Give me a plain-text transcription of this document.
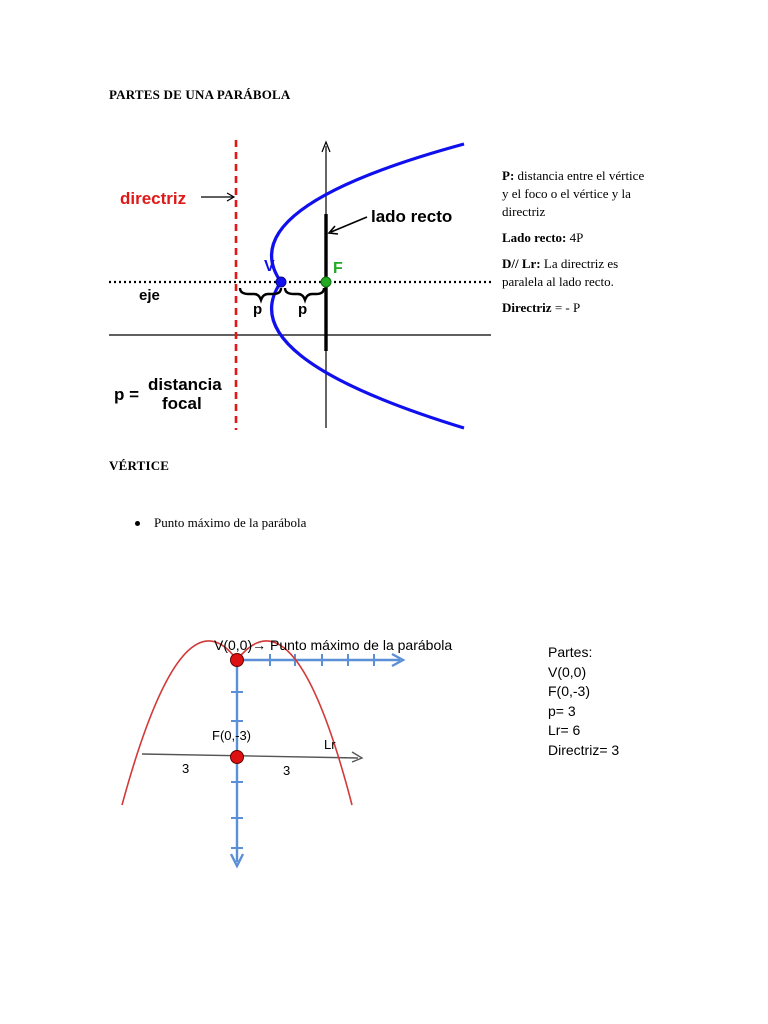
PARTES DE UNA PARÁBOLA
directriz
lado recto
V	F
eje
p p
p =
distancia
focal

P: distancia entre el vértice y el foco o el vértice y la directriz

Lado recto: 4P

D// Lr: La directriz es paralela al lado recto.

Directriz = - P

VÉRTICE
Punto máximo de la parábola
V(0,0)→ Punto máximo de la parábola
F(0,-3)
Lr
3	3
Partes:
V(0,0)
F(0,-3)
p= 3
Lr= 6
Directriz= 3
